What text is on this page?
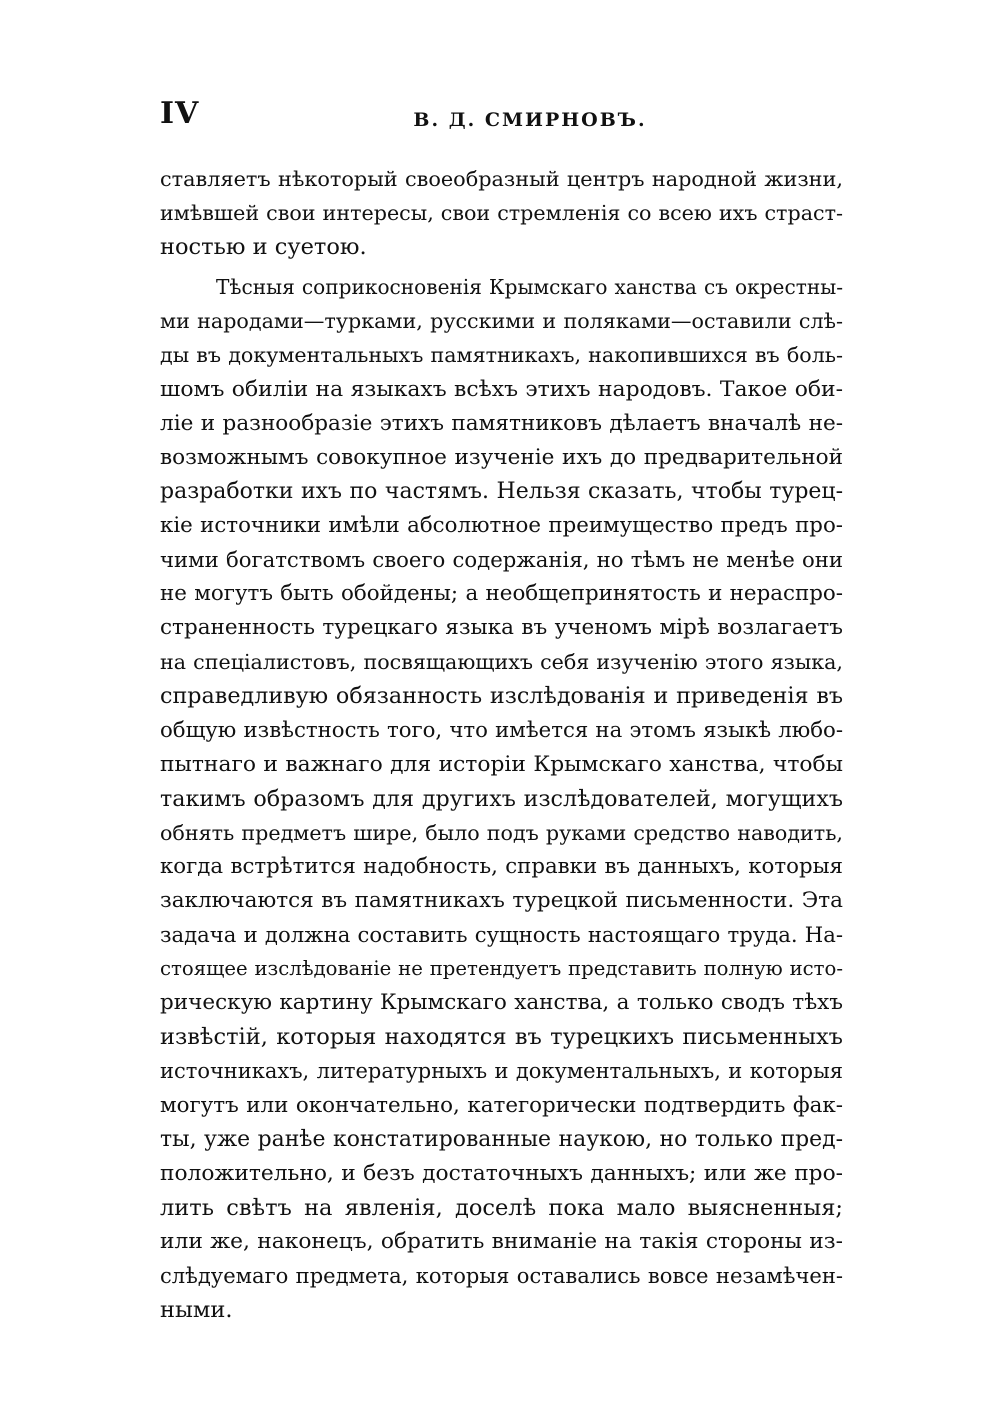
IV	В. Д. СМИРНОВЪ.
ставляетъ нѣкоторый своеобразный центръ народной жизни,
имѣвшей свои интересы, свои стремленія со всею ихъ страст-
ностью и суетою.
Тѣсныя соприкосновенія Крымскаго ханства съ окрестны-
ми народами—турками, русскими и поляками—оставили слѣ-
ды въ документальныхъ памятникахъ, накопившихся въ боль-
шомъ обиліи на языкахъ всѣхъ этихъ народовъ. Такое оби-
ліе и разнообразіе этихъ памятниковъ дѣлаетъ вначалѣ не-
возможнымъ совокупное изученіе ихъ до предварительной
разработки ихъ по частямъ. Нельзя сказать, чтобы турец-
кіе источники имѣли абсолютное преимущество предъ про-
чими богатствомъ своего содержанія, но тѣмъ не менѣе они
не могутъ быть обойдены; а необщепринятость и нераспро-
страненность турецкаго языка въ ученомъ мірѣ возлагаетъ
на спеціалистовъ, посвящающихъ себя изученію этого языка,
справедливую обязанность изслѣдованія и приведенія въ
общую извѣстность того, что имѣется на этомъ языкѣ любо-
пытнаго и важнаго для исторіи Крымскаго ханства, чтобы
такимъ образомъ для другихъ изслѣдователей, могущихъ
обнять предметъ шире, было подъ руками средство наводить,
когда встрѣтится надобность, справки въ данныхъ, которыя
заключаются въ памятникахъ турецкой письменности. Эта
задача и должна составить сущность настоящаго труда. На-
стоящее изслѣдованіе не претендуетъ представить полную исто-
рическую картину Крымскаго ханства, а только сводъ тѣхъ
извѣстій, которыя находятся въ турецкихъ письменныхъ
источникахъ, литературныхъ и документальныхъ, и которыя
могутъ или окончательно, категорически подтвердить фак-
ты, уже ранѣе констатированные наукою, но только пред-
положительно, и безъ достаточныхъ данныхъ; или же про-
лить свѣтъ на явленія, доселѣ пока мало выясненныя;
или же, наконецъ, обратить вниманіе на такія стороны из-
слѣдуемаго предмета, которыя оставались вовсе незамѣчен-
ными.
